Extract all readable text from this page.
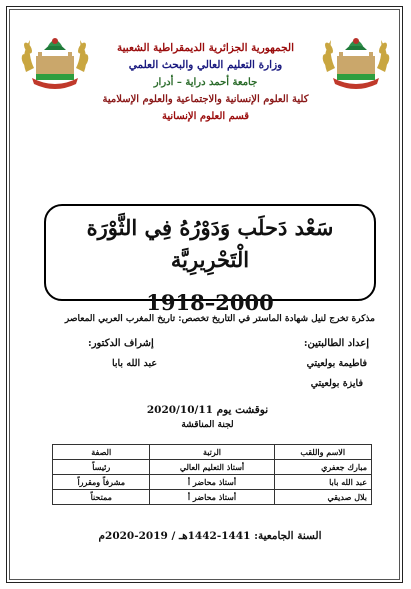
الجمهورية الجزائرية الديمقراطية الشعبية
وزارة التعليم العالي والبحث العلمي
جامعة أحمد دراية – أدرار
كلية العلوم الإنسانية والاجتماعية والعلوم الإسلامية
قسم العلوم الإنسانية
سَعْد دَحلَب وَدَوْرُهُ فِي الثَّوْرَة الْتَحْرِيرِيَّة
1918–2000
مذكرة تخرج لنيل شهادة الماستر في التاريخ تخصص: تاريخ المغرب العربي المعاصر
إعداد الطالبتين:
إشراف الدكتور:
فاطيمة بولعيتي
فايزة بولعيتي
عبد الله بابا
نوقشت يوم 2020/10/11
لجنة المناقشة
الاسم واللقب	الرتبة	الصفة
مبارك جعفري	أستاذ التعليم العالي	رئيساً
عبد الله بابا	أستاذ محاضر أ	مشرفاً ومقرراً
بلال صديقي	أستاذ محاضر أ	ممتحناً
السنة الجامعية: 1441-1442هـ / 2019-2020م
